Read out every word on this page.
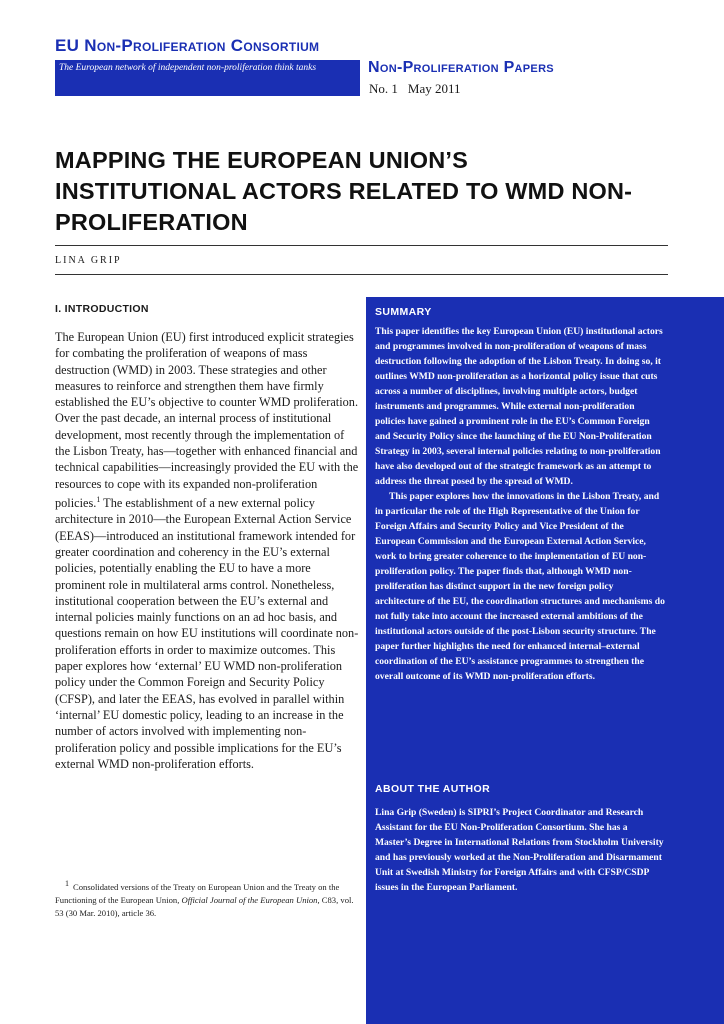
EU Non-Proliferation Consortium
The European network of independent non-proliferation think tanks	Non-Proliferation Papers
No. 1 May 2011
MAPPING THE EUROPEAN UNION’S INSTITUTIONAL ACTORS RELATED TO WMD NON-PROLIFERATION
LINA GRIP
I. INTRODUCTION

The European Union (EU) first introduced explicit strategies for combating the proliferation of weapons of mass destruction (WMD) in 2003. These strategies and other measures to reinforce and strengthen them have firmly established the EU’s objective to counter WMD proliferation. Over the past decade, an internal process of institutional development, most recently through the implementation of the Lisbon Treaty, has—together with enhanced financial and technical capabilities—increasingly provided the EU with the resources to cope with its expanded non-proliferation policies.$^1$ The establishment of a new external policy architecture in 2010—the European External Action Service (EEAS)—introduced an institutional framework intended for greater coordination and coherency in the EU’s external policies, potentially enabling the EU to have a more prominent role in multilateral arms control. Nonetheless, institutional cooperation between the EU’s external and internal policies mainly functions on an ad hoc basis, and questions remain on how EU institutions will coordinate non-proliferation efforts in order to maximize outcomes. This paper explores how ‘external’ EU WMD non-proliferation policy under the Common Foreign and Security Policy (CFSP), and later the EEAS, has evolved in parallel within ‘internal’ EU domestic policy, leading to an increase in the number of actors involved with implementing non-proliferation policy and possible implications for the EU’s external WMD non-proliferation efforts.

1 Consolidated versions of the Treaty on European Union and the Treaty on the Functioning of the European Union, Official Journal of the European Union, C83, vol. 53 (30 Mar. 2010), article 36.

SUMMARY

This paper identifies the key European Union (EU) institutional actors and programmes involved in non-proliferation of weapons of mass destruction following the adoption of the Lisbon Treaty. In doing so, it outlines WMD non-proliferation as a horizontal policy issue that cuts across a number of disciplines, involving multiple actors, budget instruments and programmes. While external non-proliferation policies have gained a prominent role in the EU’s Common Foreign and Security Policy since the launching of the EU Non-Proliferation Strategy in 2003, several internal policies relating to non-proliferation have also developed out of the strategic framework as an attempt to address the threat posed by the spread of WMD.

This paper explores how the innovations in the Lisbon Treaty, and in particular the role of the High Representative of the Union for Foreign Affairs and Security Policy and Vice President of the European Commission and the European External Action Service, work to bring greater coherence to the implementation of EU non-proliferation policy. The paper finds that, although WMD non-proliferation has distinct support in the new foreign policy architecture of the EU, the coordination structures and mechanisms do not fully take into account the increased external ambitions of the institutional actors outside of the post-Lisbon security structure. The paper further highlights the need for enhanced internal–external coordination of the EU’s assistance programmes to strengthen the overall outcome of its WMD non-proliferation efforts.

ABOUT THE AUTHOR

Lina Grip (Sweden) is SIPRI’s Project Coordinator and Research Assistant for the EU Non-Proliferation Consortium. She has a Master’s Degree in International Relations from Stockholm University and has previously worked at the Non-Proliferation and Disarmament Unit at Swedish Ministry for Foreign Affairs and with CFSP/CSDP issues in the European Parliament.
